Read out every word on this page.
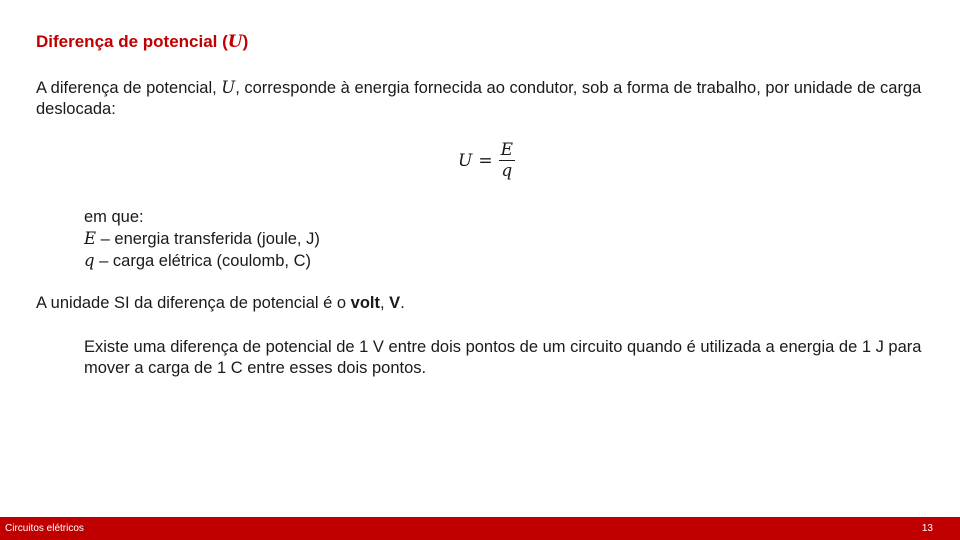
Diferença de potencial (U)

A diferença de potencial, U, corresponde à energia fornecida ao condutor, sob a forma de trabalho, por unidade de carga deslocada:

$U = \frac{E}{q}$
em que:
E – energia transferida (joule, J)
q – carga elétrica (coulomb, C)

A unidade SI da diferença de potencial é o volt, V.

Existe uma diferença de potencial de 1 V entre dois pontos de um circuito quando é utilizada a energia de 1 J para mover a carga de 1 C entre esses dois pontos.

Circuitos elétricos	13
